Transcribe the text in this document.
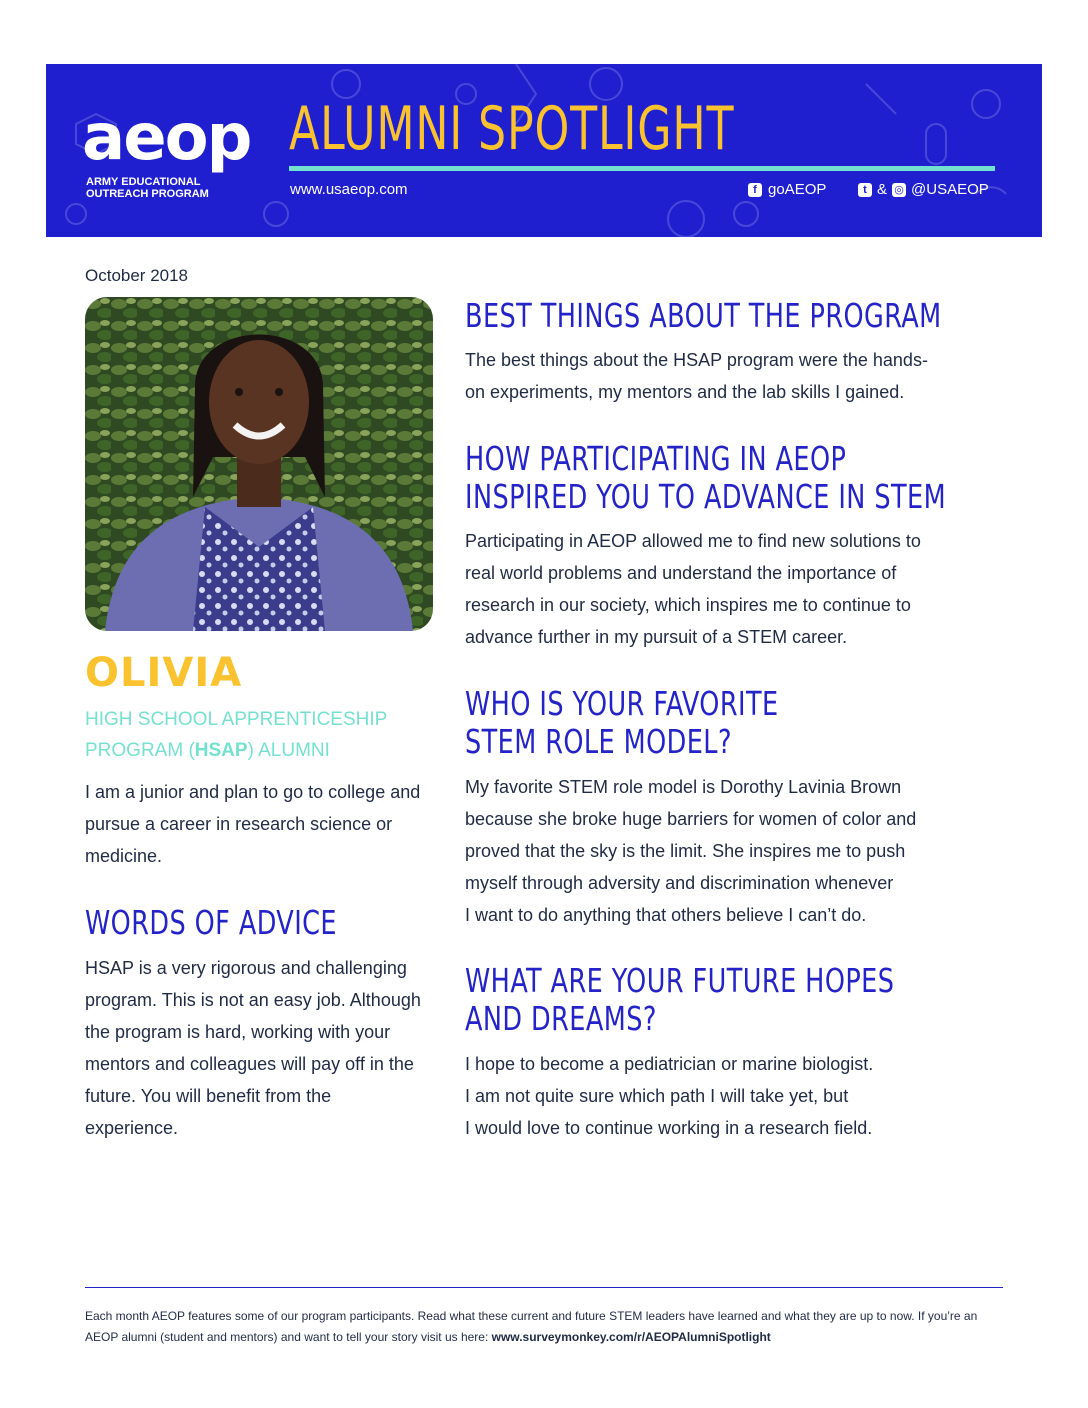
aeop
ARMY EDUCATIONAL
OUTREACH PROGRAM
ALUMNI SPOTLIGHT
www.usaeop.com	f goAEOP	t & ◎ @USAEOP
October 2018
OLIVIA
HIGH SCHOOL APPRENTICESHIP PROGRAM (HSAP) ALUMNI
I am a junior and plan to go to college and pursue a career in research science or medicine.
WORDS OF ADVICE
HSAP is a very rigorous and challenging program. This is not an easy job. Although the program is hard, working with your mentors and colleagues will pay off in the future. You will benefit from the experience.
BEST THINGS ABOUT THE PROGRAM
The best things about the HSAP program were the hands-
on experiments, my mentors and the lab skills I gained.
HOW PARTICIPATING IN AEOP
INSPIRED YOU TO ADVANCE IN STEM
Participating in AEOP allowed me to find new solutions to
real world problems and understand the importance of
research in our society, which inspires me to continue to
advance further in my pursuit of a STEM career.
WHO IS YOUR FAVORITE
STEM ROLE MODEL?
My favorite STEM role model is Dorothy Lavinia Brown
because she broke huge barriers for women of color and
proved that the sky is the limit. She inspires me to push
myself through adversity and discrimination whenever
I want to do anything that others believe I can’t do.
WHAT ARE YOUR FUTURE HOPES
AND DREAMS?
I hope to become a pediatrician or marine biologist.
I am not quite sure which path I will take yet, but
I would love to continue working in a research field.
Each month AEOP features some of our program participants. Read what these current and future STEM leaders have learned and what they are up to now. If you’re an AEOP alumni (student and mentors) and want to tell your story visit us here: www.surveymonkey.com/r/AEOPAlumniSpotlight
